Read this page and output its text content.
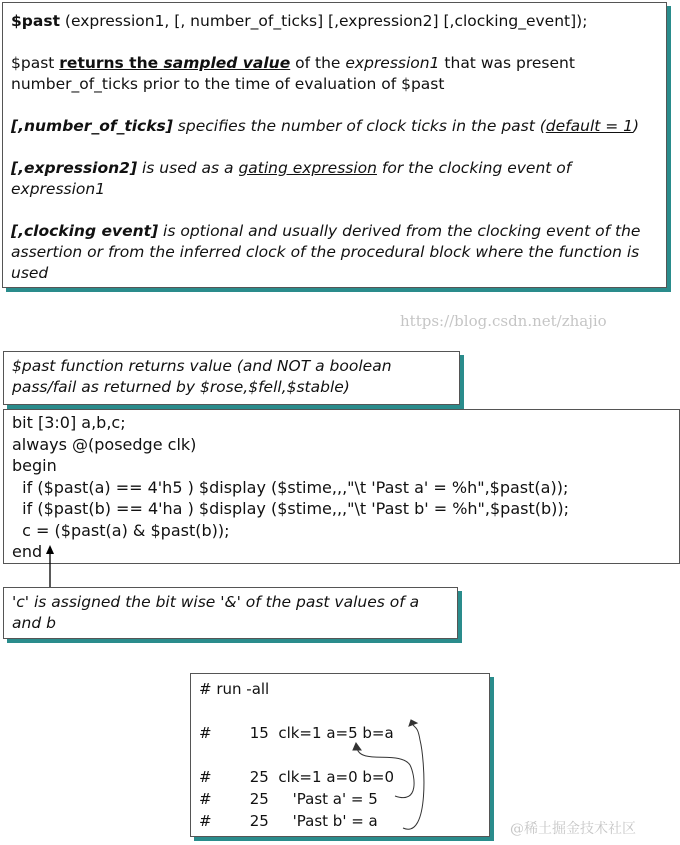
$past (expression1, [, number_of_ticks] [,expression2] [,clocking_event]);

$past returns the sampled value of the expression1 that was present number_of_ticks prior to the time of evaluation of $past

[,number_of_ticks] specifies the number of clock ticks in the past (default = 1)

[,expression2] is used as a gating expression for the clocking event of expression1

[,clocking event] is optional and usually derived from the clocking event of the assertion or from the inferred clock of the procedural block where the function is used

$past function returns value (and NOT a boolean pass/fail as returned by $rose,$fell,$stable)

bit [3:0] a,b,c;
always @(posedge clk)
begin
if ($past(a) == 4'h5 ) $display ($stime,,,"\t 'Past a' = %h",$past(a));
if ($past(b) == 4'ha ) $display ($stime,,,"\t 'Past b' = %h",$past(b));
c = ($past(a) & $past(b));
end

'c' is assigned the bit wise '&' of the past values of a and b

# run -all

#        15  clk=1 a=5 b=a

#        25  clk=1 a=0 b=0
#        25     'Past a' = 5
#        25     'Past b' = a
https://blog.csdn.net/zhajio
@稀土掘金技术社区
